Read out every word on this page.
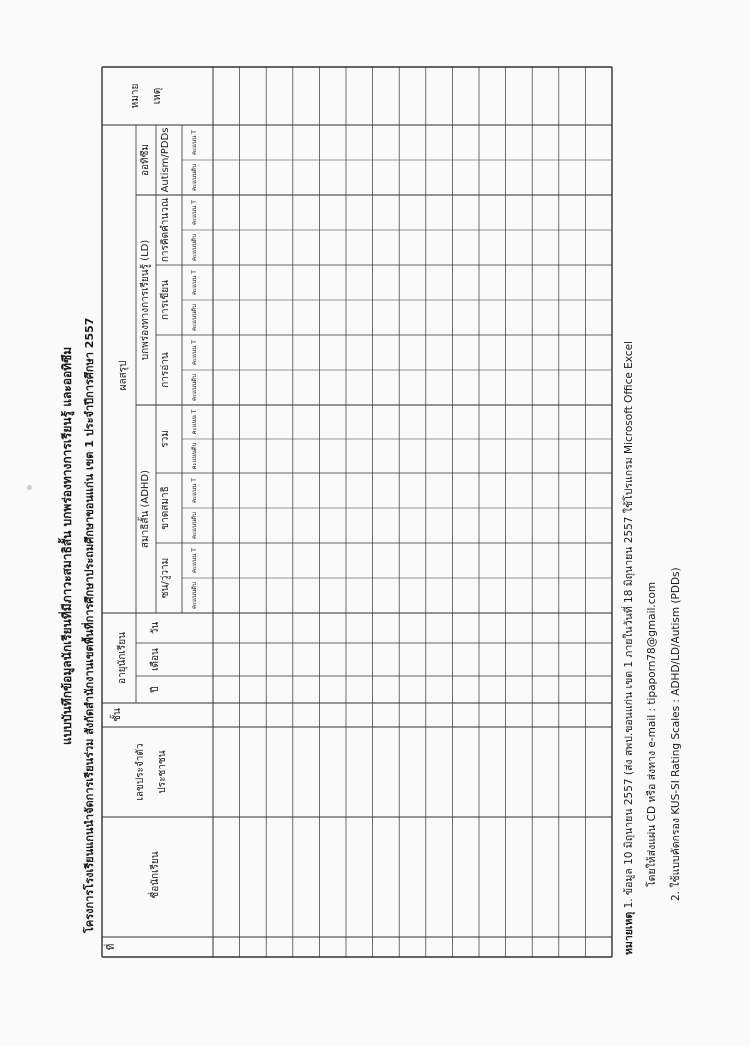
แบบบันทึกข้อมูลนักเรียนที่มีภาวะสมาธิสั้น บกพร่องทางการเรียนรู้ และออทิซึม โครงการโรงเรียนแกนนำจัดการเรียนร่วม สังกัดสำนักงานเขตพื้นที่การศึกษาประถมศึกษาขอนแก่น เขต 1 ประจำปีการศึกษา 2557
ที่
ชื่อนักเรียน
เลขประจำตัว ประชาชน
ชั้น
อายุนักเรียน
ปี
เดือน
วัน
ผลสรุป
สมาธิสั้น (ADHD)
ซน/วู่วาม
ขาดสมาธิ
รวม
บกพร่องทางการเรียนรู้ (LD)
การอ่าน
การเขียน
การคิดคำนวณ
ออทิซึม Autism/PDDs
หมาย เหตุ
คะแนนดิบ
คะแนน T
คะแนนดิบ
คะแนน T
คะแนนดิบ
คะแนน T
คะแนนดิบ
คะแนน T
คะแนนดิบ
คะแนน T
คะแนนดิบ
คะแนน T
คะแนนดิบ
คะแนน T
หมายเหตุ 1. ข้อมูล 10 มิถุนายน 2557 (ส่ง สพป.ขอนแก่น เขต 1 ภายในวันที่ 18 มิถุนายน 2557 ใช้โปรแกรม Microsoft Office Excel โดยให้ส่งแผ่น CD หรือ ส่งทาง e-mail : tipaporn78@gmail.com 2. ใช้แบบคัดกรอง KUS-SI Rating Scales : ADHD/LD/Autism (PDDs)
